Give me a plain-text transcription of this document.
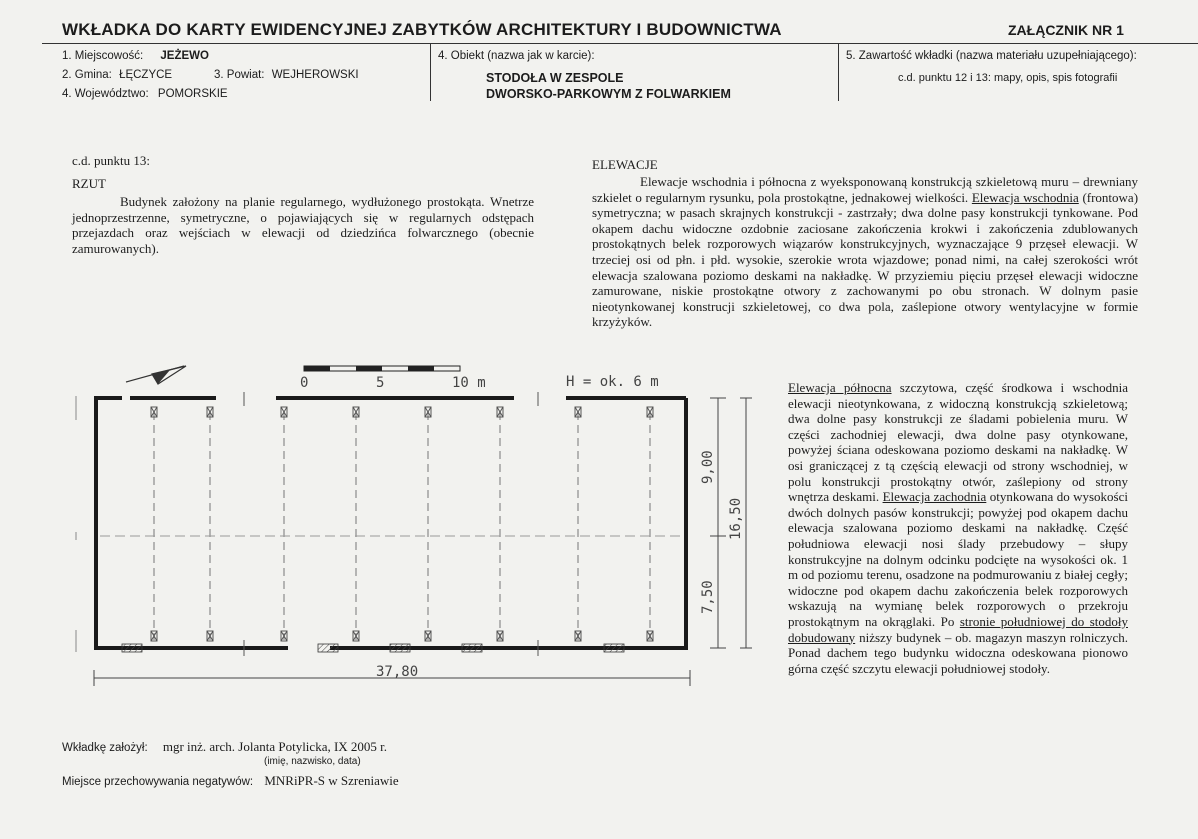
WKŁADKA DO KARTY EWIDENCYJNEJ ZABYTKÓW ARCHITEKTURY I BUDOWNICTWA	ZAŁĄCZNIK NR 1
1. Miejscowość: JEŻEWO
2. Gmina: ŁĘCZYCE	3. Powiat: WEJHEROWSKI
4. Województwo: POMORSKIE
4. Obiekt (nazwa jak w karcie):
STODOŁA W ZESPOLE
DWORSKO-PARKOWYM Z FOLWARKIEM
5. Zawartość wkładki (nazwa materiału uzupełniającego):
c.d. punktu 12 i 13: mapy, opis, spis fotografii
c.d. punktu 13:
RZUT
Budynek założony na planie regularnego, wydłużonego prostokąta. Wnetrze jednoprzestrzenne, symetryczne, o pojawiających się w regularnych odstępach przejazdach oraz wejściach w elewacji od dziedzińca folwarcznego (obecnie zamurowanych).
ELEWACJE
Elewacje wschodnia i północna z wyeksponowaną konstrukcją szkieletową muru – drewniany szkielet o regularnym rysunku, pola prostokątne, jednakowej wielkości. Elewacja wschodnia (frontowa) symetryczna; w pasach skrajnych konstrukcji - zastrzały; dwa dolne pasy konstrukcji tynkowane. Pod okapem dachu widoczne ozdobnie zaciosane zakończenia krokwi i zakończenia zdublowanych prostokątnych belek rozporowych wiązarów konstrukcyjnych, wyznaczające 9 przęseł elewacji. W trzeciej osi od płn. i płd. wysokie, szerokie wrota wjazdowe; ponad nimi, na całej szerokości wrót elewacja szalowana poziomo deskami na nakładkę. W przyziemiu pięciu przęseł elewacji widoczne zamurowane, niskie prostokątne otwory z zachowanymi po obu stronach. W dolnym pasie nieotynkowanej konstrucji szkieletowej, co dwa pola, zaślepione otwory wentylacyjne w formie krzyżyków.
Elewacja północna szczytowa, część środkowa i wschodnia elewacji nieotynkowana, z widoczną konstrukcją szkieletową; dwa dolne pasy konstrukcji ze śladami pobielenia muru. W części zachodniej elewacji, dwa dolne pasy otynkowane, powyżej ściana odeskowana poziomo deskami na nakładkę. W osi graniczącej z tą częścią elewacji od strony wschodniej, w polu konstrukcji prostokątny otwór, zaślepiony od strony wnętrza deskami. Elewacja zachodnia otynkowana do wysokości dwóch dolnych pasów konstrukcji; powyżej pod okapem dachu elewacja szalowana poziomo deskami na nakładkę. Część południowa elewacji nosi ślady przebudowy – słupy konstrukcyjne na dolnym odcinku podcięte na wysokości ok. 1 m od poziomu terenu, osadzone na podmurowaniu z białej cegły; widoczne pod okapem dachu zakończenia belek rozporowych wskazują na wymianę belek rozporowych o przekroju prostokątnym na okrąglaki. Po stronie południowej do stodoły dobudowany niższy budynek – ob. magazyn maszyn rolniczych. Ponad dachem tego budynku widoczna odeskowana pionowo górna część szczytu elewacji południowej stodoły.
0	5	10 m	H = ok. 6 m
37,80
9,00
16,50
7,50
Wkładkę założył: mgr inż. arch. Jolanta Potylicka, IX 2005 r.
(imię, nazwisko, data)
Miejsce przechowywania negatywów: MNRiPR-S w Szreniawie
